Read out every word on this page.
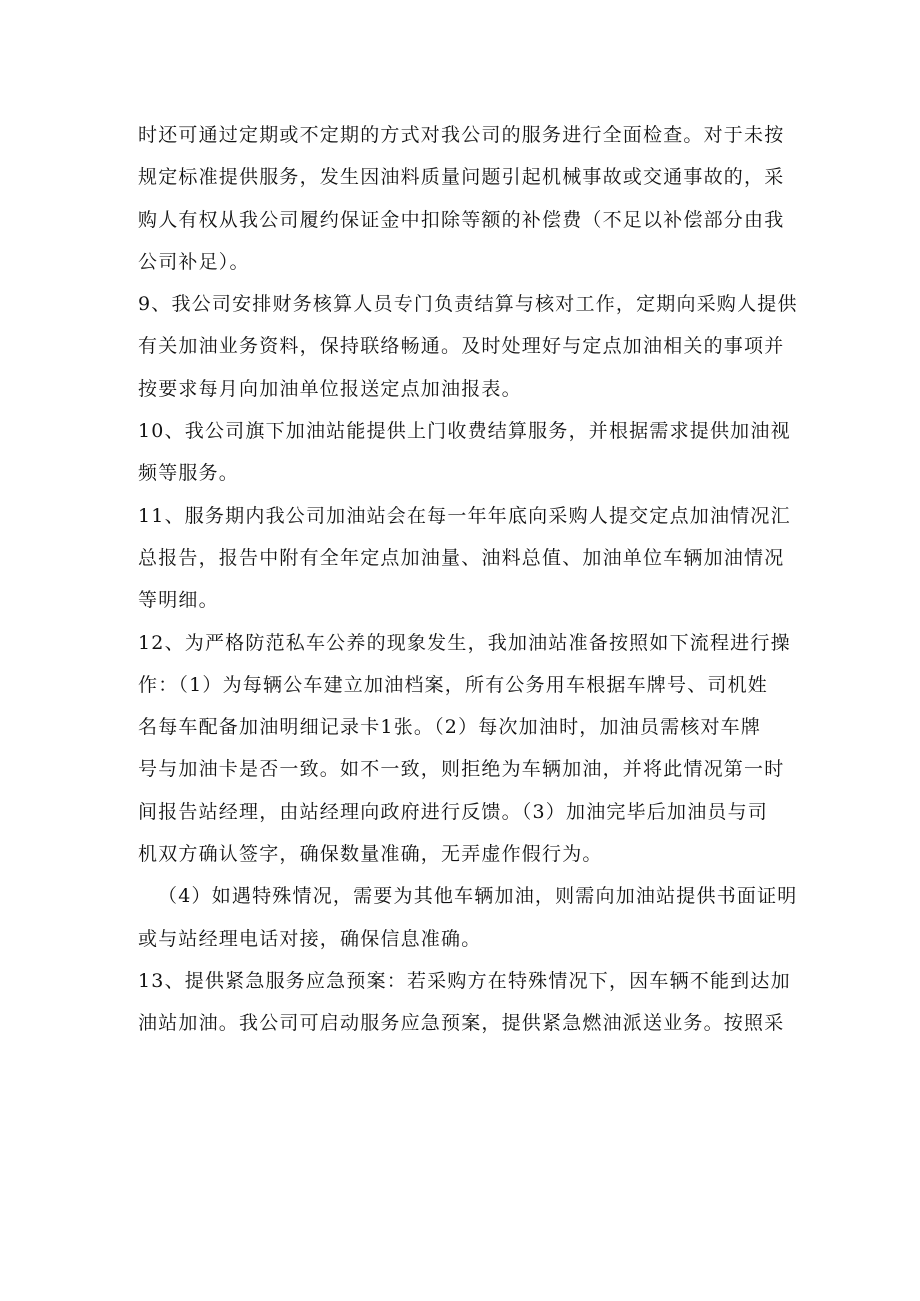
时还可通过定期或不定期的方式对我公司的服务进行全面检查。对于未按
规定标准提供服务，发生因油料质量问题引起机械事故或交通事故的，采
购人有权从我公司履约保证金中扣除等额的补偿费（不足以补偿部分由我
公司补足）。
9、我公司安排财务核算人员专门负责结算与核对工作，定期向采购人提供
有关加油业务资料，保持联络畅通。及时处理好与定点加油相关的事项并
按要求每月向加油单位报送定点加油报表。
10、我公司旗下加油站能提供上门收费结算服务，并根据需求提供加油视
频等服务。
11、服务期内我公司加油站会在每一年年底向采购人提交定点加油情况汇
总报告，报告中附有全年定点加油量、油料总值、加油单位车辆加油情况
等明细。
12、为严格防范私车公养的现象发生，我加油站准备按照如下流程进行操
作：（1）为每辆公车建立加油档案，所有公务用车根据车牌号、司机姓
名每车配备加油明细记录卡1张。（2）每次加油时，加油员需核对车牌
号与加油卡是否一致。如不一致，则拒绝为车辆加油，并将此情况第一时
间报告站经理，由站经理向政府进行反馈。（3）加油完毕后加油员与司
机双方确认签字，确保数量准确，无弄虚作假行为。
（4）如遇特殊情况，需要为其他车辆加油，则需向加油站提供书面证明
或与站经理电话对接，确保信息准确。
13、提供紧急服务应急预案：若采购方在特殊情况下，因车辆不能到达加
油站加油。我公司可启动服务应急预案，提供紧急燃油派送业务。按照采
